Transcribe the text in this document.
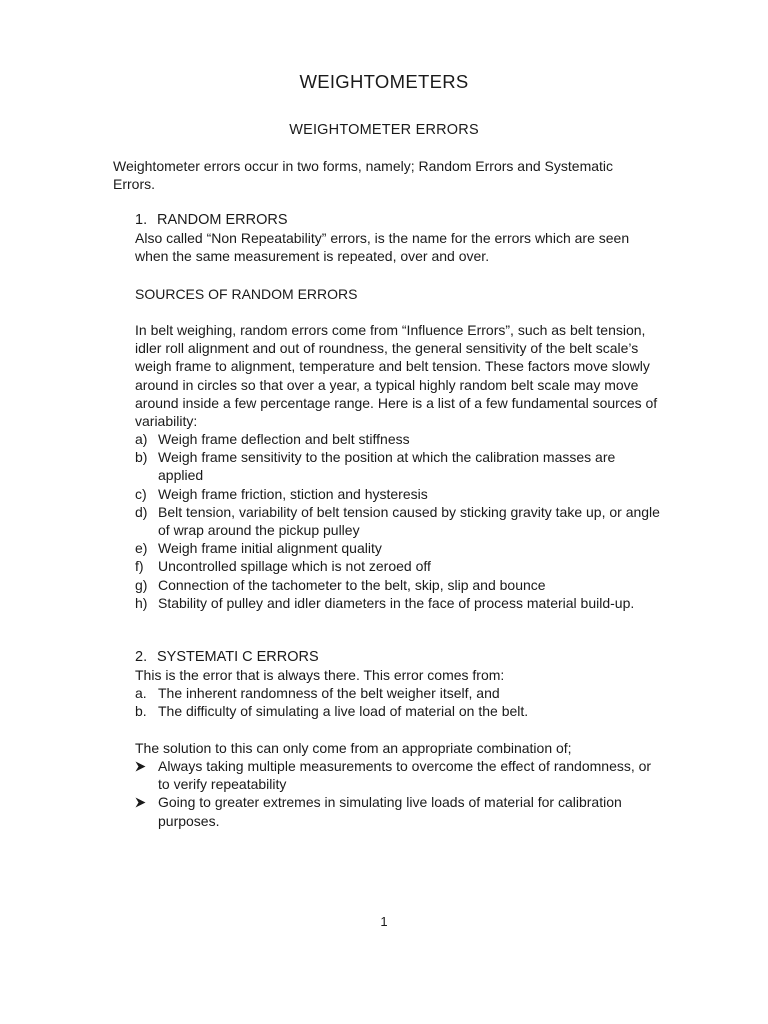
WEIGHTOMETERS
WEIGHTOMETER ERRORS

Weightometer errors occur in two forms, namely; Random Errors and Systematic Errors.

1. RANDOM ERRORS

Also called “Non Repeatability” errors, is the name for the errors which are seen when the same measurement is repeated, over and over.

SOURCES OF RANDOM ERRORS

In belt weighing, random errors come from “Influence Errors”, such as belt tension, idler roll alignment and out of roundness, the general sensitivity of the belt scale’s weigh frame to alignment, temperature and belt tension. These factors move slowly around in circles so that over a year, a typical highly random belt scale may move around inside a few percentage range. Here is a list of a few fundamental sources of variability:

a) Weigh frame deflection and belt stiffness
b) Weigh frame sensitivity to the position at which the calibration masses are applied
c) Weigh frame friction, stiction and hysteresis
d) Belt tension, variability of belt tension caused by sticking gravity take up, or angle of wrap around the pickup pulley
e) Weigh frame initial alignment quality
f) Uncontrolled spillage which is not zeroed off
g) Connection of the tachometer to the belt, skip, slip and bounce
h) Stability of pulley and idler diameters in the face of process material build-up.
2. SYSTEMATI C ERRORS

This is the error that is always there. This error comes from:

a. The inherent randomness of the belt weigher itself, and
b. The difficulty of simulating a live load of material on the belt.

The solution to this can only come from an appropriate combination of;

Always taking multiple measurements to overcome the effect of randomness, or to verify repeatability
Going to greater extremes in simulating live loads of material for calibration purposes.
1
